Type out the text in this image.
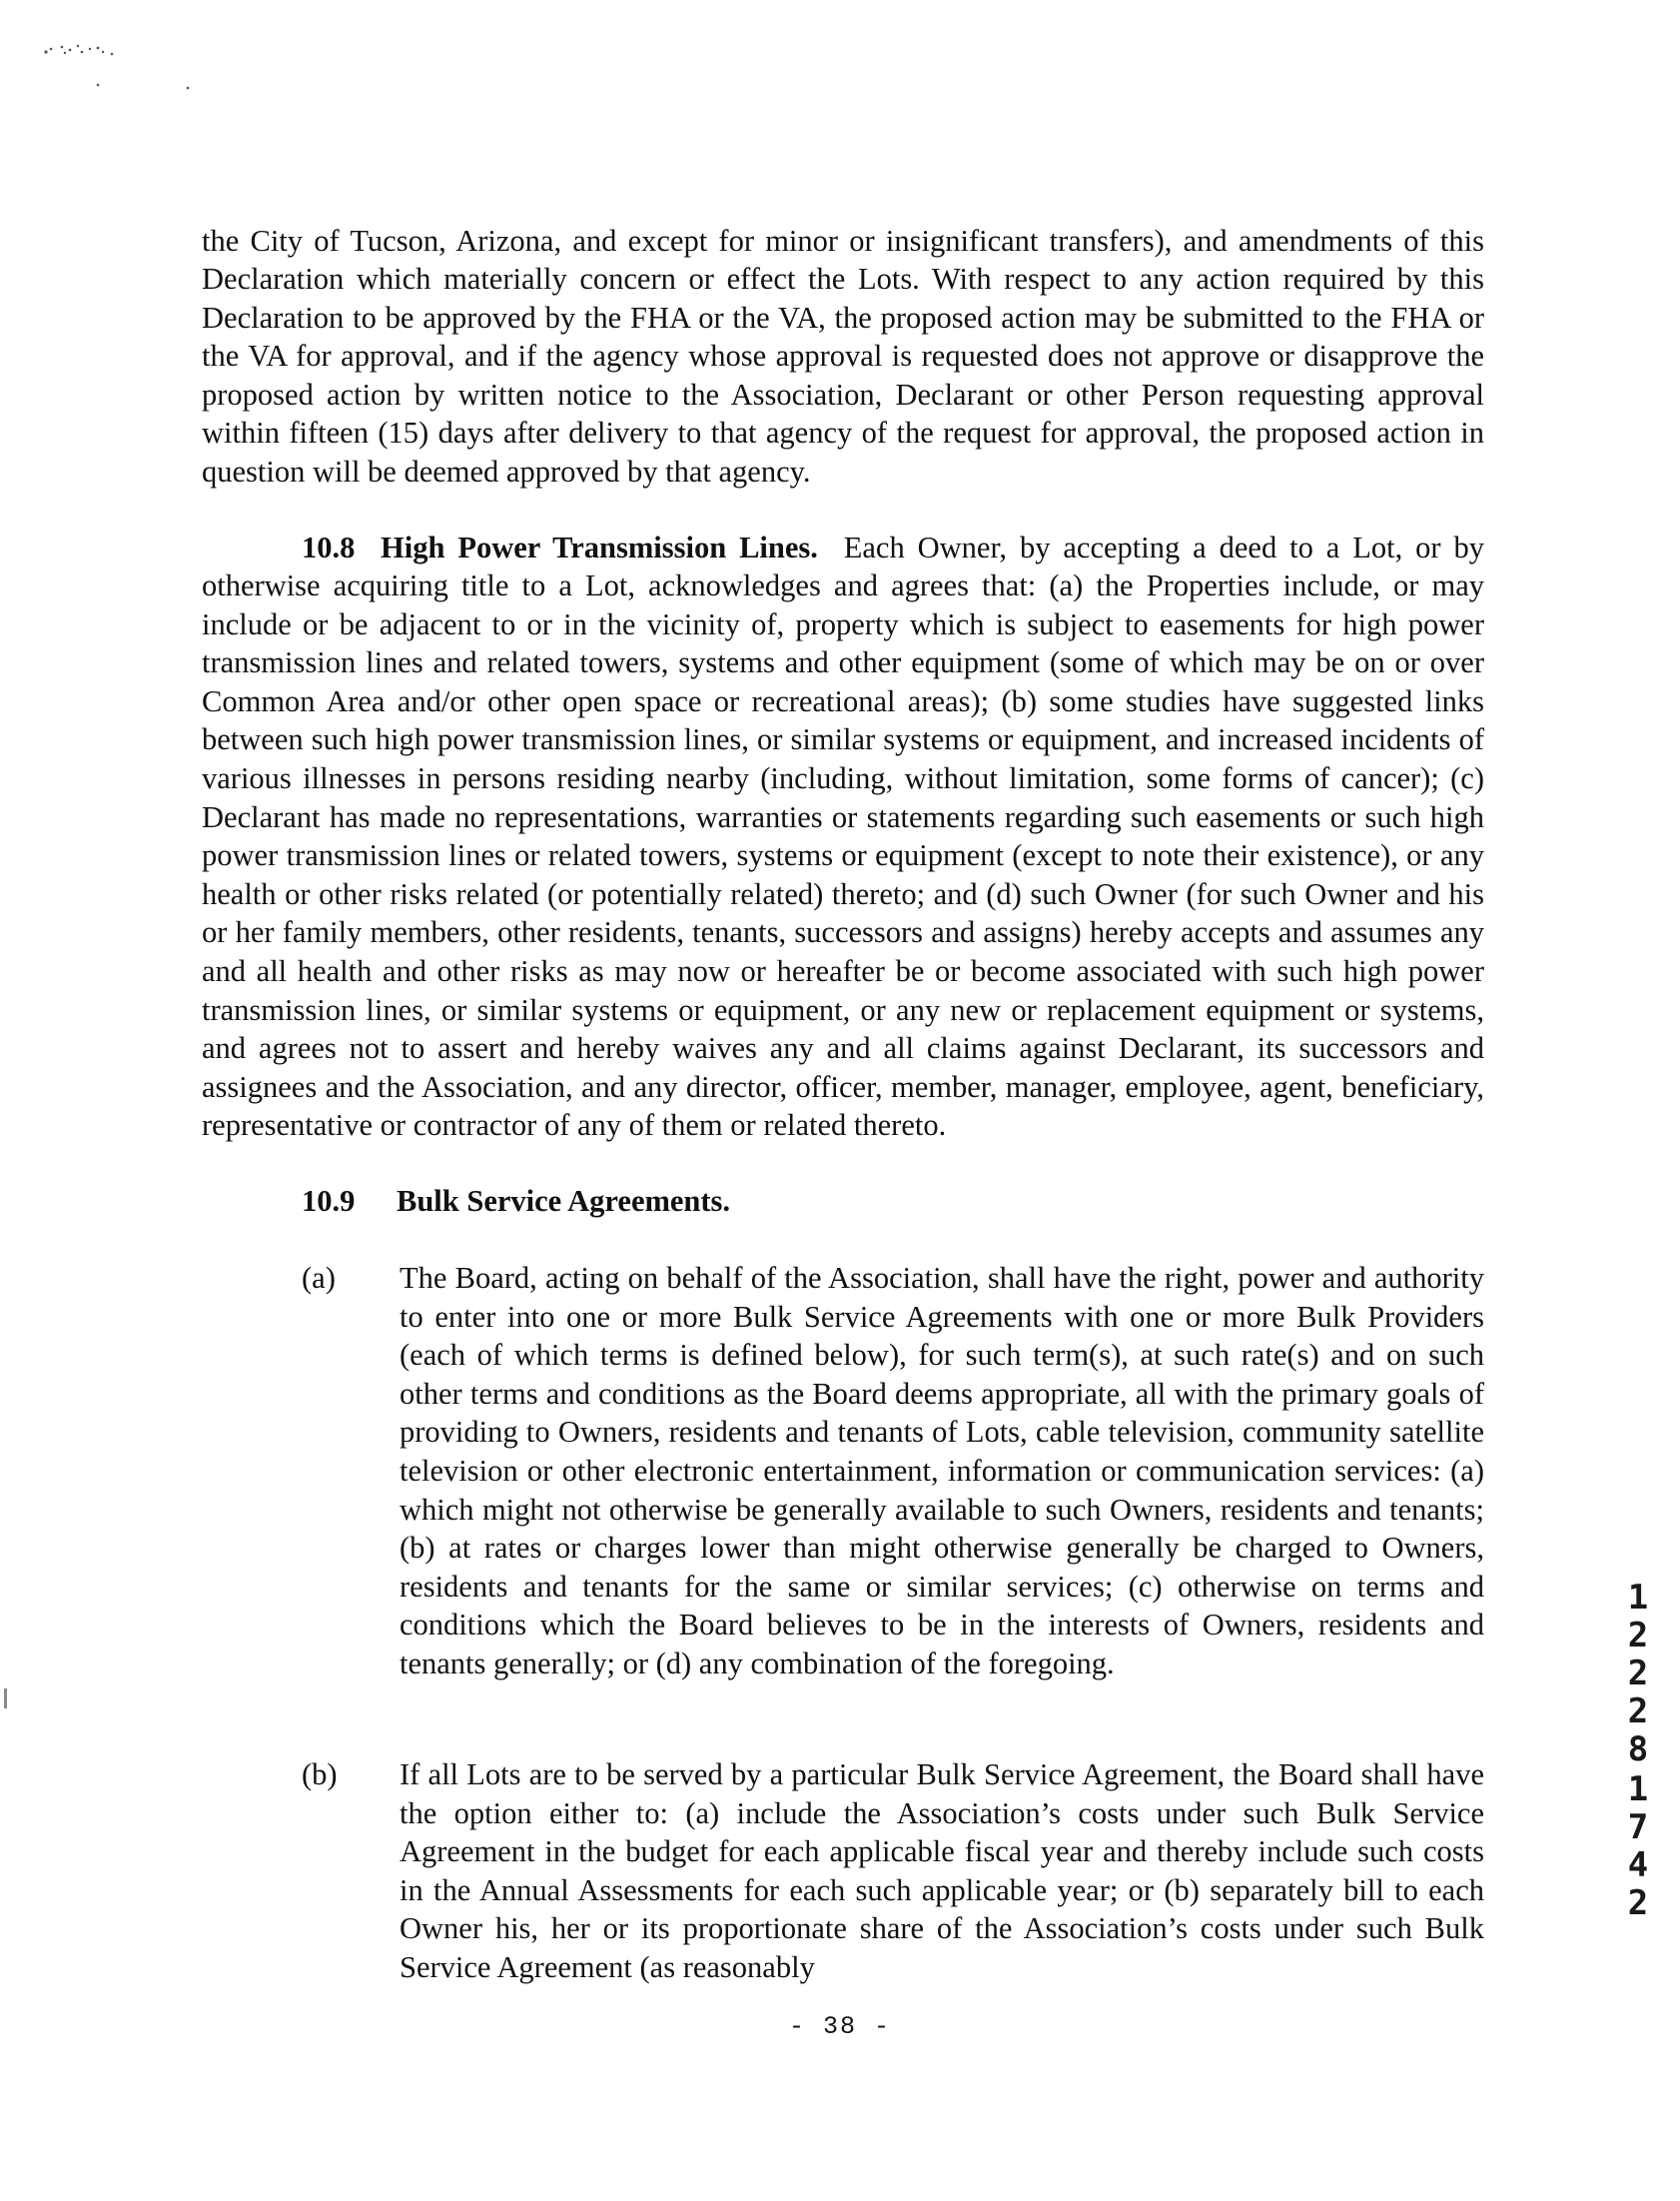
the City of Tucson, Arizona, and except for minor or insignificant transfers), and amendments of this Declaration which materially concern or effect the Lots. With respect to any action required by this Declaration to be approved by the FHA or the VA, the proposed action may be submitted to the FHA or the VA for approval, and if the agency whose approval is requested does not approve or disapprove the proposed action by written notice to the Association, Declarant or other Person requesting approval within fifteen (15) days after delivery to that agency of the request for approval, the proposed action in question will be deemed approved by that agency.

10.8 High Power Transmission Lines. Each Owner, by accepting a deed to a Lot, or by otherwise acquiring title to a Lot, acknowledges and agrees that: (a) the Properties include, or may include or be adjacent to or in the vicinity of, property which is subject to easements for high power transmission lines and related towers, systems and other equipment (some of which may be on or over Common Area and/or other open space or recreational areas); (b) some studies have suggested links between such high power transmission lines, or similar systems or equipment, and increased incidents of various illnesses in persons residing nearby (including, without limitation, some forms of cancer); (c) Declarant has made no representations, warranties or statements regarding such easements or such high power transmission lines or related towers, systems or equipment (except to note their existence), or any health or other risks related (or potentially related) thereto; and (d) such Owner (for such Owner and his or her family members, other residents, tenants, successors and assigns) hereby accepts and assumes any and all health and other risks as may now or hereafter be or become associated with such high power transmission lines, or similar systems or equipment, or any new or replacement equipment or systems, and agrees not to assert and hereby waives any and all claims against Declarant, its successors and assignees and the Association, and any director, officer, member, manager, employee, agent, beneficiary, representative or contractor of any of them or related thereto.

10.9 Bulk Service Agreements.
(a)	The Board, acting on behalf of the Association, shall have the right, power and authority to enter into one or more Bulk Service Agreements with one or more Bulk Providers (each of which terms is defined below), for such term(s), at such rate(s) and on such other terms and conditions as the Board deems appropriate, all with the primary goals of providing to Owners, residents and tenants of Lots, cable television, community satellite television or other electronic entertainment, information or communication services: (a) which might not otherwise be generally available to such Owners, residents and tenants; (b) at rates or charges lower than might otherwise generally be charged to Owners, residents and tenants for the same or similar services; (c) otherwise on terms and conditions which the Board believes to be in the interests of Owners, residents and tenants generally; or (d) any combination of the foregoing.
(b)	If all Lots are to be served by a particular Bulk Service Agreement, the Board shall have the option either to: (a) include the Association’s costs under such Bulk Service Agreement in the budget for each applicable fiscal year and thereby include such costs in the Annual Assessments for each such applicable year; or (b) separately bill to each Owner his, her or its proportionate share of the Association’s costs under such Bulk Service Agreement (as reasonably
1
2
2
2
8
1
7
4
2
- 38 -
